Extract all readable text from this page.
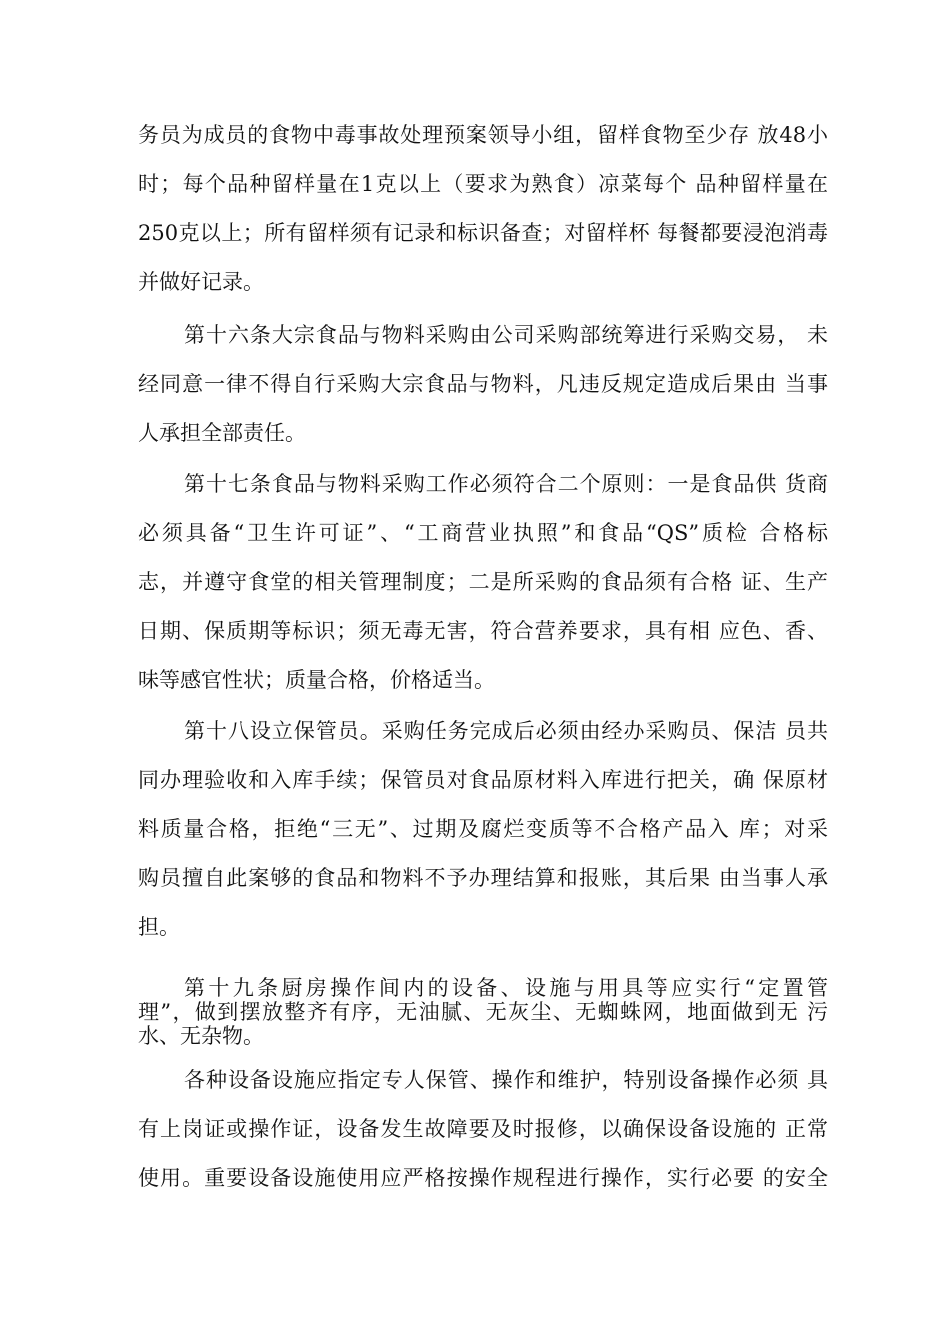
务员为成员的食物中毒事故处理预案领导小组，留样食物至少存 放48小
时；每个品种留样量在1克以上（要求为熟食）凉菜每个 品种留样量在
250克以上；所有留样须有记录和标识备查；对留样杯 每餐都要浸泡消毒
并做好记录。
第十六条大宗食品与物料采购由公司采购部统筹进行采购交易， 未
经同意一律不得自行采购大宗食品与物料，凡违反规定造成后果由 当事
人承担全部责任。
第十七条食品与物料采购工作必须符合二个原则：一是食品供 货商
必须具备“卫生许可证”、“工商营业执照”和食品“QS”质检 合格标
志，并遵守食堂的相关管理制度；二是所采购的食品须有合格 证、生产
日期、保质期等标识；须无毒无害，符合营养要求，具有相 应色、香、
味等感官性状；质量合格，价格适当。
第十八设立保管员。采购任务完成后必须由经办采购员、保洁 员共
同办理验收和入库手续；保管员对食品原材料入库进行把关，确 保原材
料质量合格，拒绝“三无”、过期及腐烂变质等不合格产品入 库；对采
购员擅自此案够的食品和物料不予办理结算和报账，其后果 由当事人承
担。
第十九条厨房操作间内的设备、设施与用具等应实行“定置管
理”，做到摆放整齐有序，无油腻、无灰尘、无蜘蛛网，地面做到无 污
水、无杂物。
各种设备设施应指定专人保管、操作和维护，特别设备操作必须 具
有上岗证或操作证，设备发生故障要及时报修，以确保设备设施的 正常
使用。重要设备设施使用应严格按操作规程进行操作，实行必要 的安全
